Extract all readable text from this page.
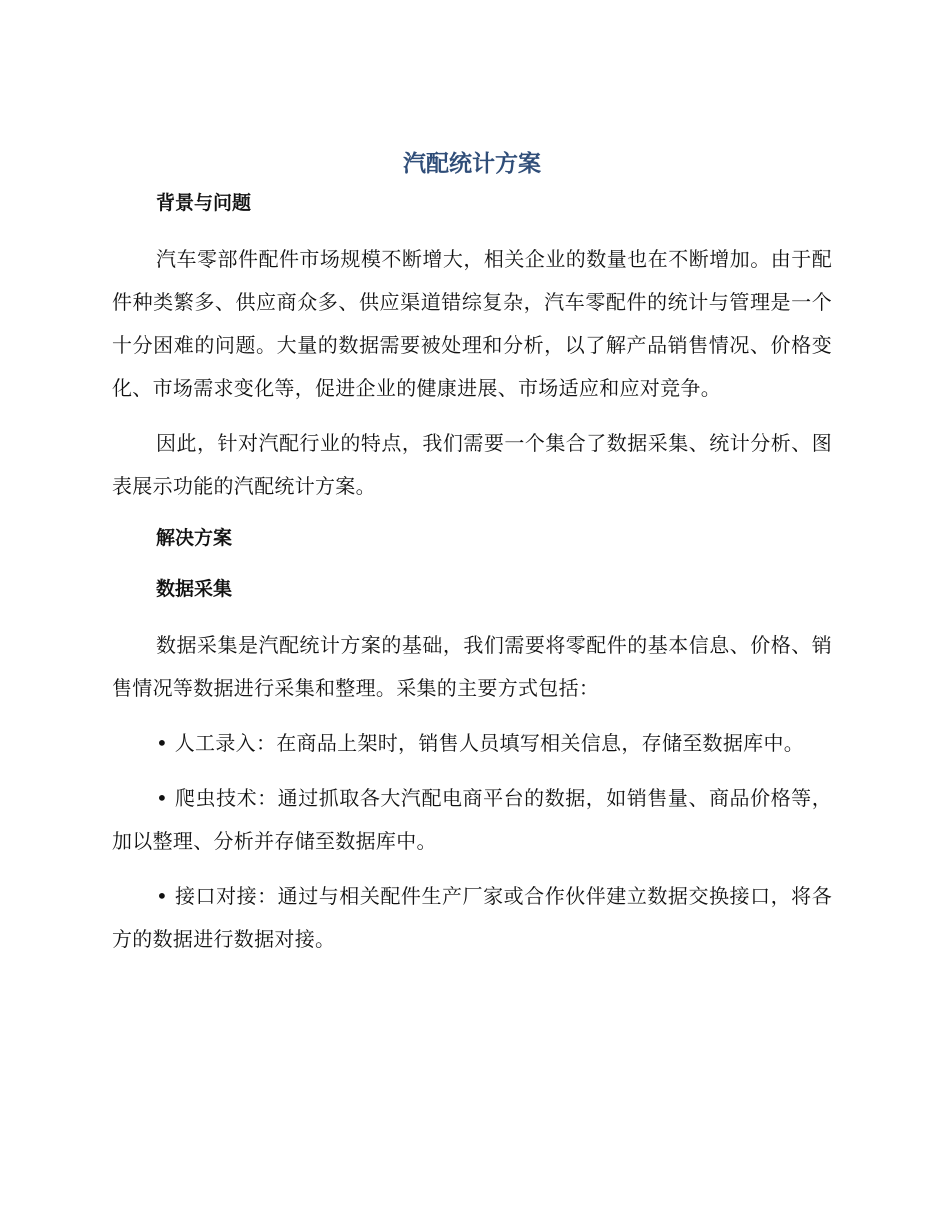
汽配统计方案
背景与问题

汽车零部件配件市场规模不断增大，相关企业的数量也在不断增加。由于配件种类繁多、供应商众多、供应渠道错综复杂，汽车零配件的统计与管理是一个十分困难的问题。大量的数据需要被处理和分析，以了解产品销售情况、价格变化、市场需求变化等，促进企业的健康进展、市场适应和应对竞争。

因此，针对汽配行业的特点，我们需要一个集合了数据采集、统计分析、图表展示功能的汽配统计方案。

解决方案
数据采集

数据采集是汽配统计方案的基础，我们需要将零配件的基本信息、价格、销售情况等数据进行采集和整理。采集的主要方式包括：

• 人工录入：在商品上架时，销售人员填写相关信息，存储至数据库中。

• 爬虫技术：通过抓取各大汽配电商平台的数据，如销售量、商品价格等，加以整理、分析并存储至数据库中。

• 接口对接：通过与相关配件生产厂家或合作伙伴建立数据交换接口，将各方的数据进行数据对接。
